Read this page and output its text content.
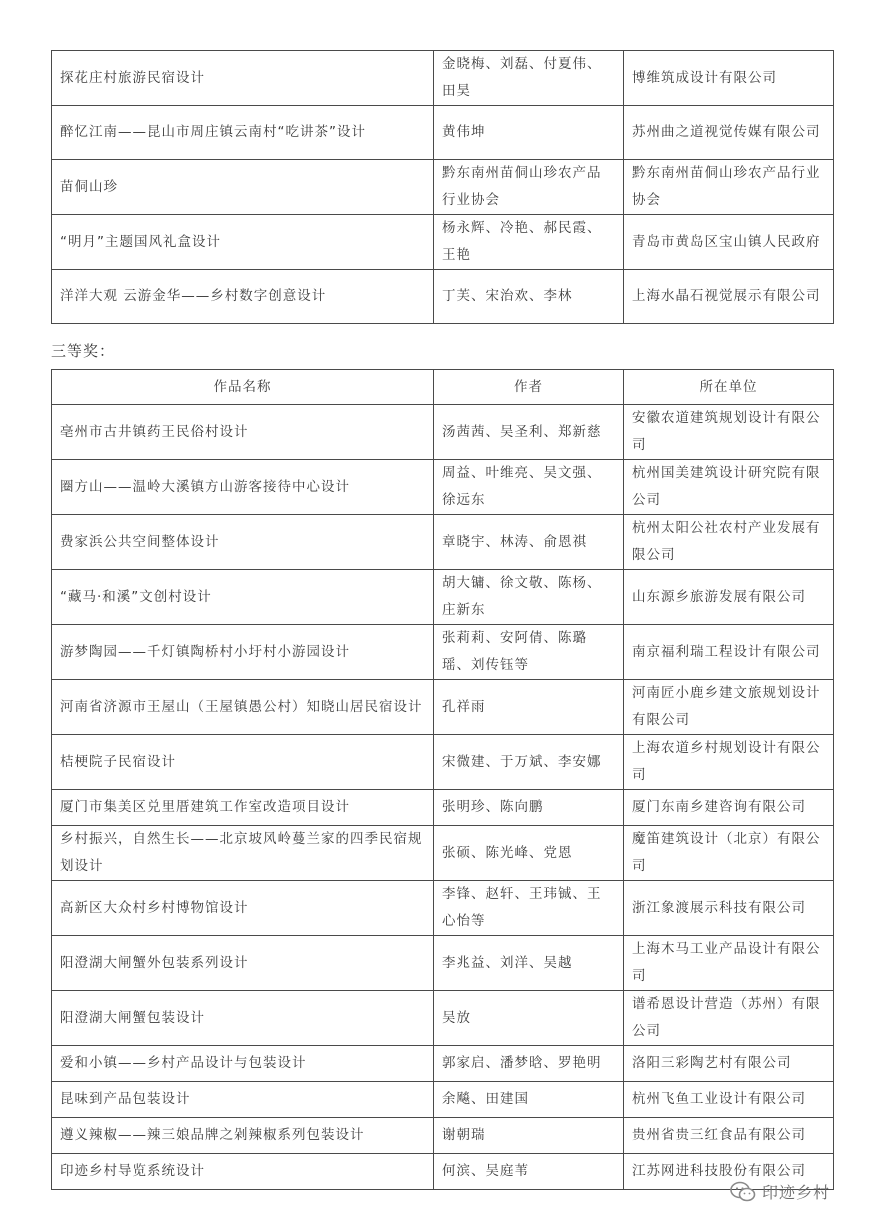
探花庄村旅游民宿设计	金晓梅、刘磊、付夏伟、田昊	博维筑成设计有限公司
醉忆江南——昆山市周庄镇云南村“吃讲茶”设计	黄伟坤	苏州曲之道视觉传媒有限公司
苗侗山珍	黔东南州苗侗山珍农产品行业协会	黔东南州苗侗山珍农产品行业协会
“明月”主题国风礼盒设计	杨永辉、冷艳、郝民霞、王艳	青岛市黄岛区宝山镇人民政府
洋洋大观 云游金华——乡村数字创意设计	丁芙、宋治欢、李林	上海水晶石视觉展示有限公司
三等奖：
作品名称	作者	所在单位
亳州市古井镇药王民俗村设计	汤茜茜、吴圣利、郑新慈	安徽农道建筑规划设计有限公司
圈方山——温岭大溪镇方山游客接待中心设计	周益、叶维亮、吴文强、徐远东	杭州国美建筑设计研究院有限公司
费家浜公共空间整体设计	章晓宇、林涛、俞恩祺	杭州太阳公社农村产业发展有限公司
“藏马·和溪”文创村设计	胡大镛、徐文敬、陈杨、庄新东	山东源乡旅游发展有限公司
游梦陶园——千灯镇陶桥村小圩村小游园设计	张莉莉、安阿倩、陈璐瑶、刘传钰等	南京福利瑞工程设计有限公司
河南省济源市王屋山（王屋镇愚公村）知晓山居民宿设计	孔祥雨	河南匠小鹿乡建文旅规划设计有限公司
桔梗院子民宿设计	宋微建、于万斌、李安娜	上海农道乡村规划设计有限公司
厦门市集美区兑里厝建筑工作室改造项目设计	张明珍、陈向鹏	厦门东南乡建咨询有限公司
乡村振兴，自然生长——北京坡风岭蔓兰家的四季民宿规划设计	张硕、陈光峰、党恩	魔笛建筑设计（北京）有限公司
高新区大众村乡村博物馆设计	李锋、赵轩、王玮铖、王心怡等	浙江象渡展示科技有限公司
阳澄湖大闸蟹外包装系列设计	李兆益、刘洋、吴越	上海木马工业产品设计有限公司
阳澄湖大闸蟹包装设计	吴放	谱希恩设计营造（苏州）有限公司
爱和小镇——乡村产品设计与包装设计	郭家启、潘梦晗、罗艳明	洛阳三彩陶艺村有限公司
昆味到产品包装设计	余飚、田建国	杭州飞鱼工业设计有限公司
遵义辣椒——辣三娘品牌之剁辣椒系列包装设计	谢朝瑞	贵州省贵三红食品有限公司
印迹乡村导览系统设计	何滨、吴庭苇	江苏网进科技股份有限公司
印迹乡村
